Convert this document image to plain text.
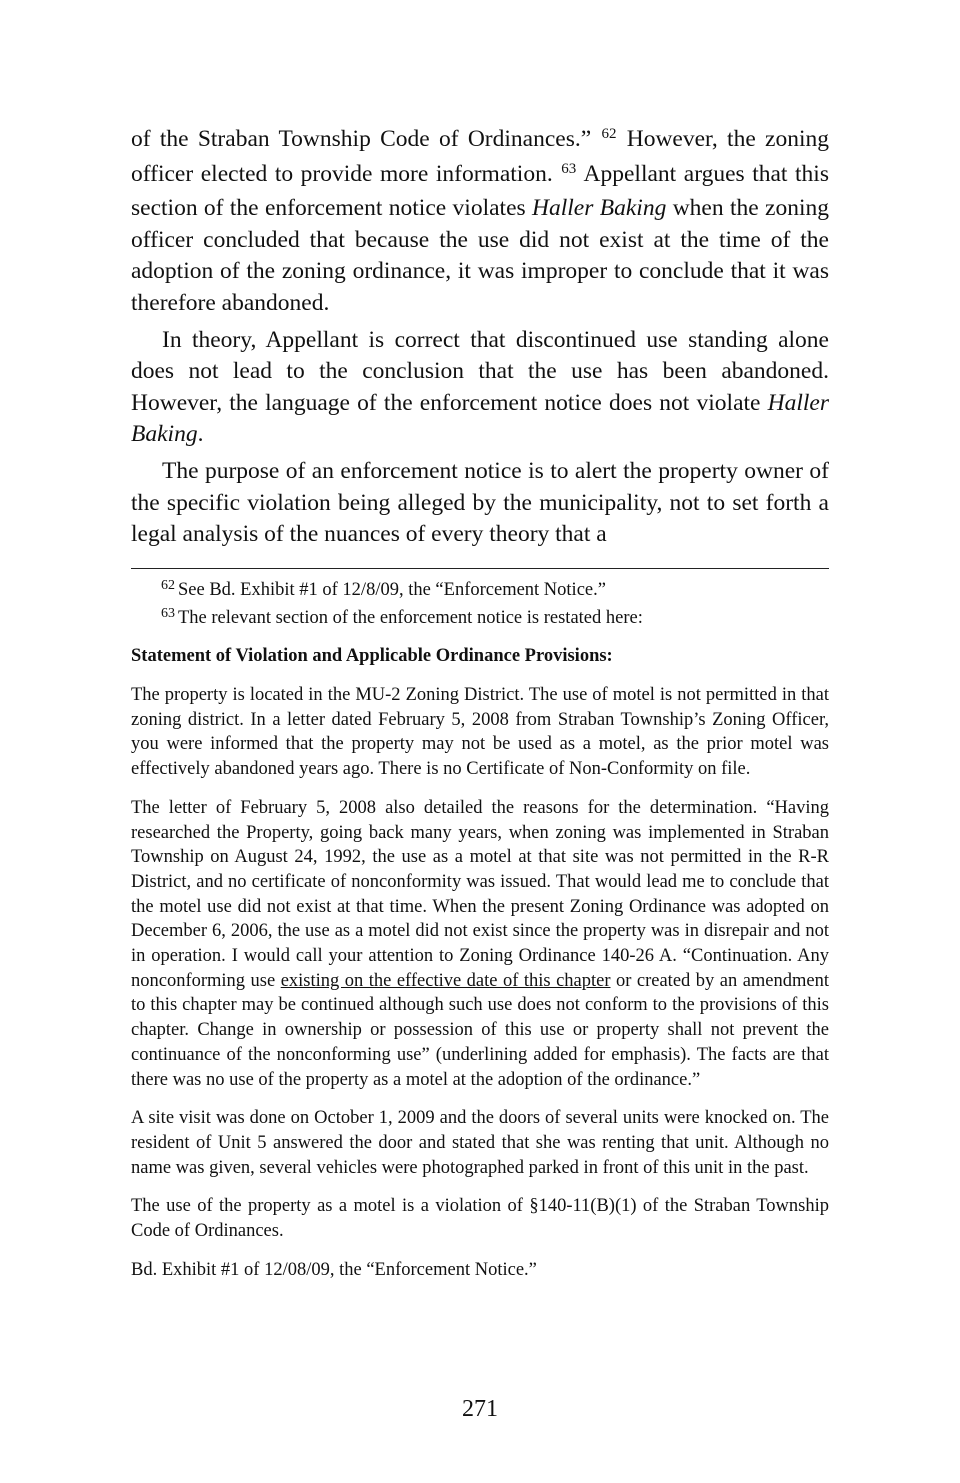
of the Straban Township Code of Ordinances.” $^{62}$ However, the zoning officer elected to provide more information. $^{63}$ Appellant argues that this section of the enforcement notice violates Haller Baking when the zoning officer concluded that because the use did not exist at the time of the adoption of the zoning ordinance, it was improper to conclude that it was therefore abandoned.

In theory, Appellant is correct that discontinued use standing alone does not lead to the conclusion that the use has been abandoned. However, the language of the enforcement notice does not violate Haller Baking.

The purpose of an enforcement notice is to alert the property owner of the specific violation being alleged by the municipality, not to set forth a legal analysis of the nuances of every theory that a

$^{62}$ See Bd. Exhibit #1 of 12/8/09, the “Enforcement Notice.”

$^{63}$ The relevant section of the enforcement notice is restated here:

Statement of Violation and Applicable Ordinance Provisions:

The property is located in the MU-2 Zoning District. The use of motel is not permitted in that zoning district. In a letter dated February 5, 2008 from Straban Township’s Zoning Officer, you were informed that the property may not be used as a motel, as the prior motel was effectively abandoned years ago. There is no Certificate of Non-Conformity on file.

The letter of February 5, 2008 also detailed the reasons for the determination. “Having researched the Property, going back many years, when zoning was implemented in Straban Township on August 24, 1992, the use as a motel at that site was not permitted in the R-R District, and no certificate of nonconformity was issued. That would lead me to conclude that the motel use did not exist at that time. When the present Zoning Ordinance was adopted on December 6, 2006, the use as a motel did not exist since the property was in disrepair and not in operation. I would call your attention to Zoning Ordinance 140-26 A. “Continuation. Any nonconforming use existing on the effective date of this chapter or created by an amendment to this chapter may be continued although such use does not conform to the provisions of this chapter. Change in ownership or possession of this use or property shall not prevent the continuance of the nonconforming use” (underlining added for emphasis). The facts are that there was no use of the property as a motel at the adoption of the ordinance.”

A site visit was done on October 1, 2009 and the doors of several units were knocked on. The resident of Unit 5 answered the door and stated that she was renting that unit. Although no name was given, several vehicles were photographed parked in front of this unit in the past.

The use of the property as a motel is a violation of §140-11(B)(1) of the Straban Township Code of Ordinances.

Bd. Exhibit #1 of 12/08/09, the “Enforcement Notice.”

271
